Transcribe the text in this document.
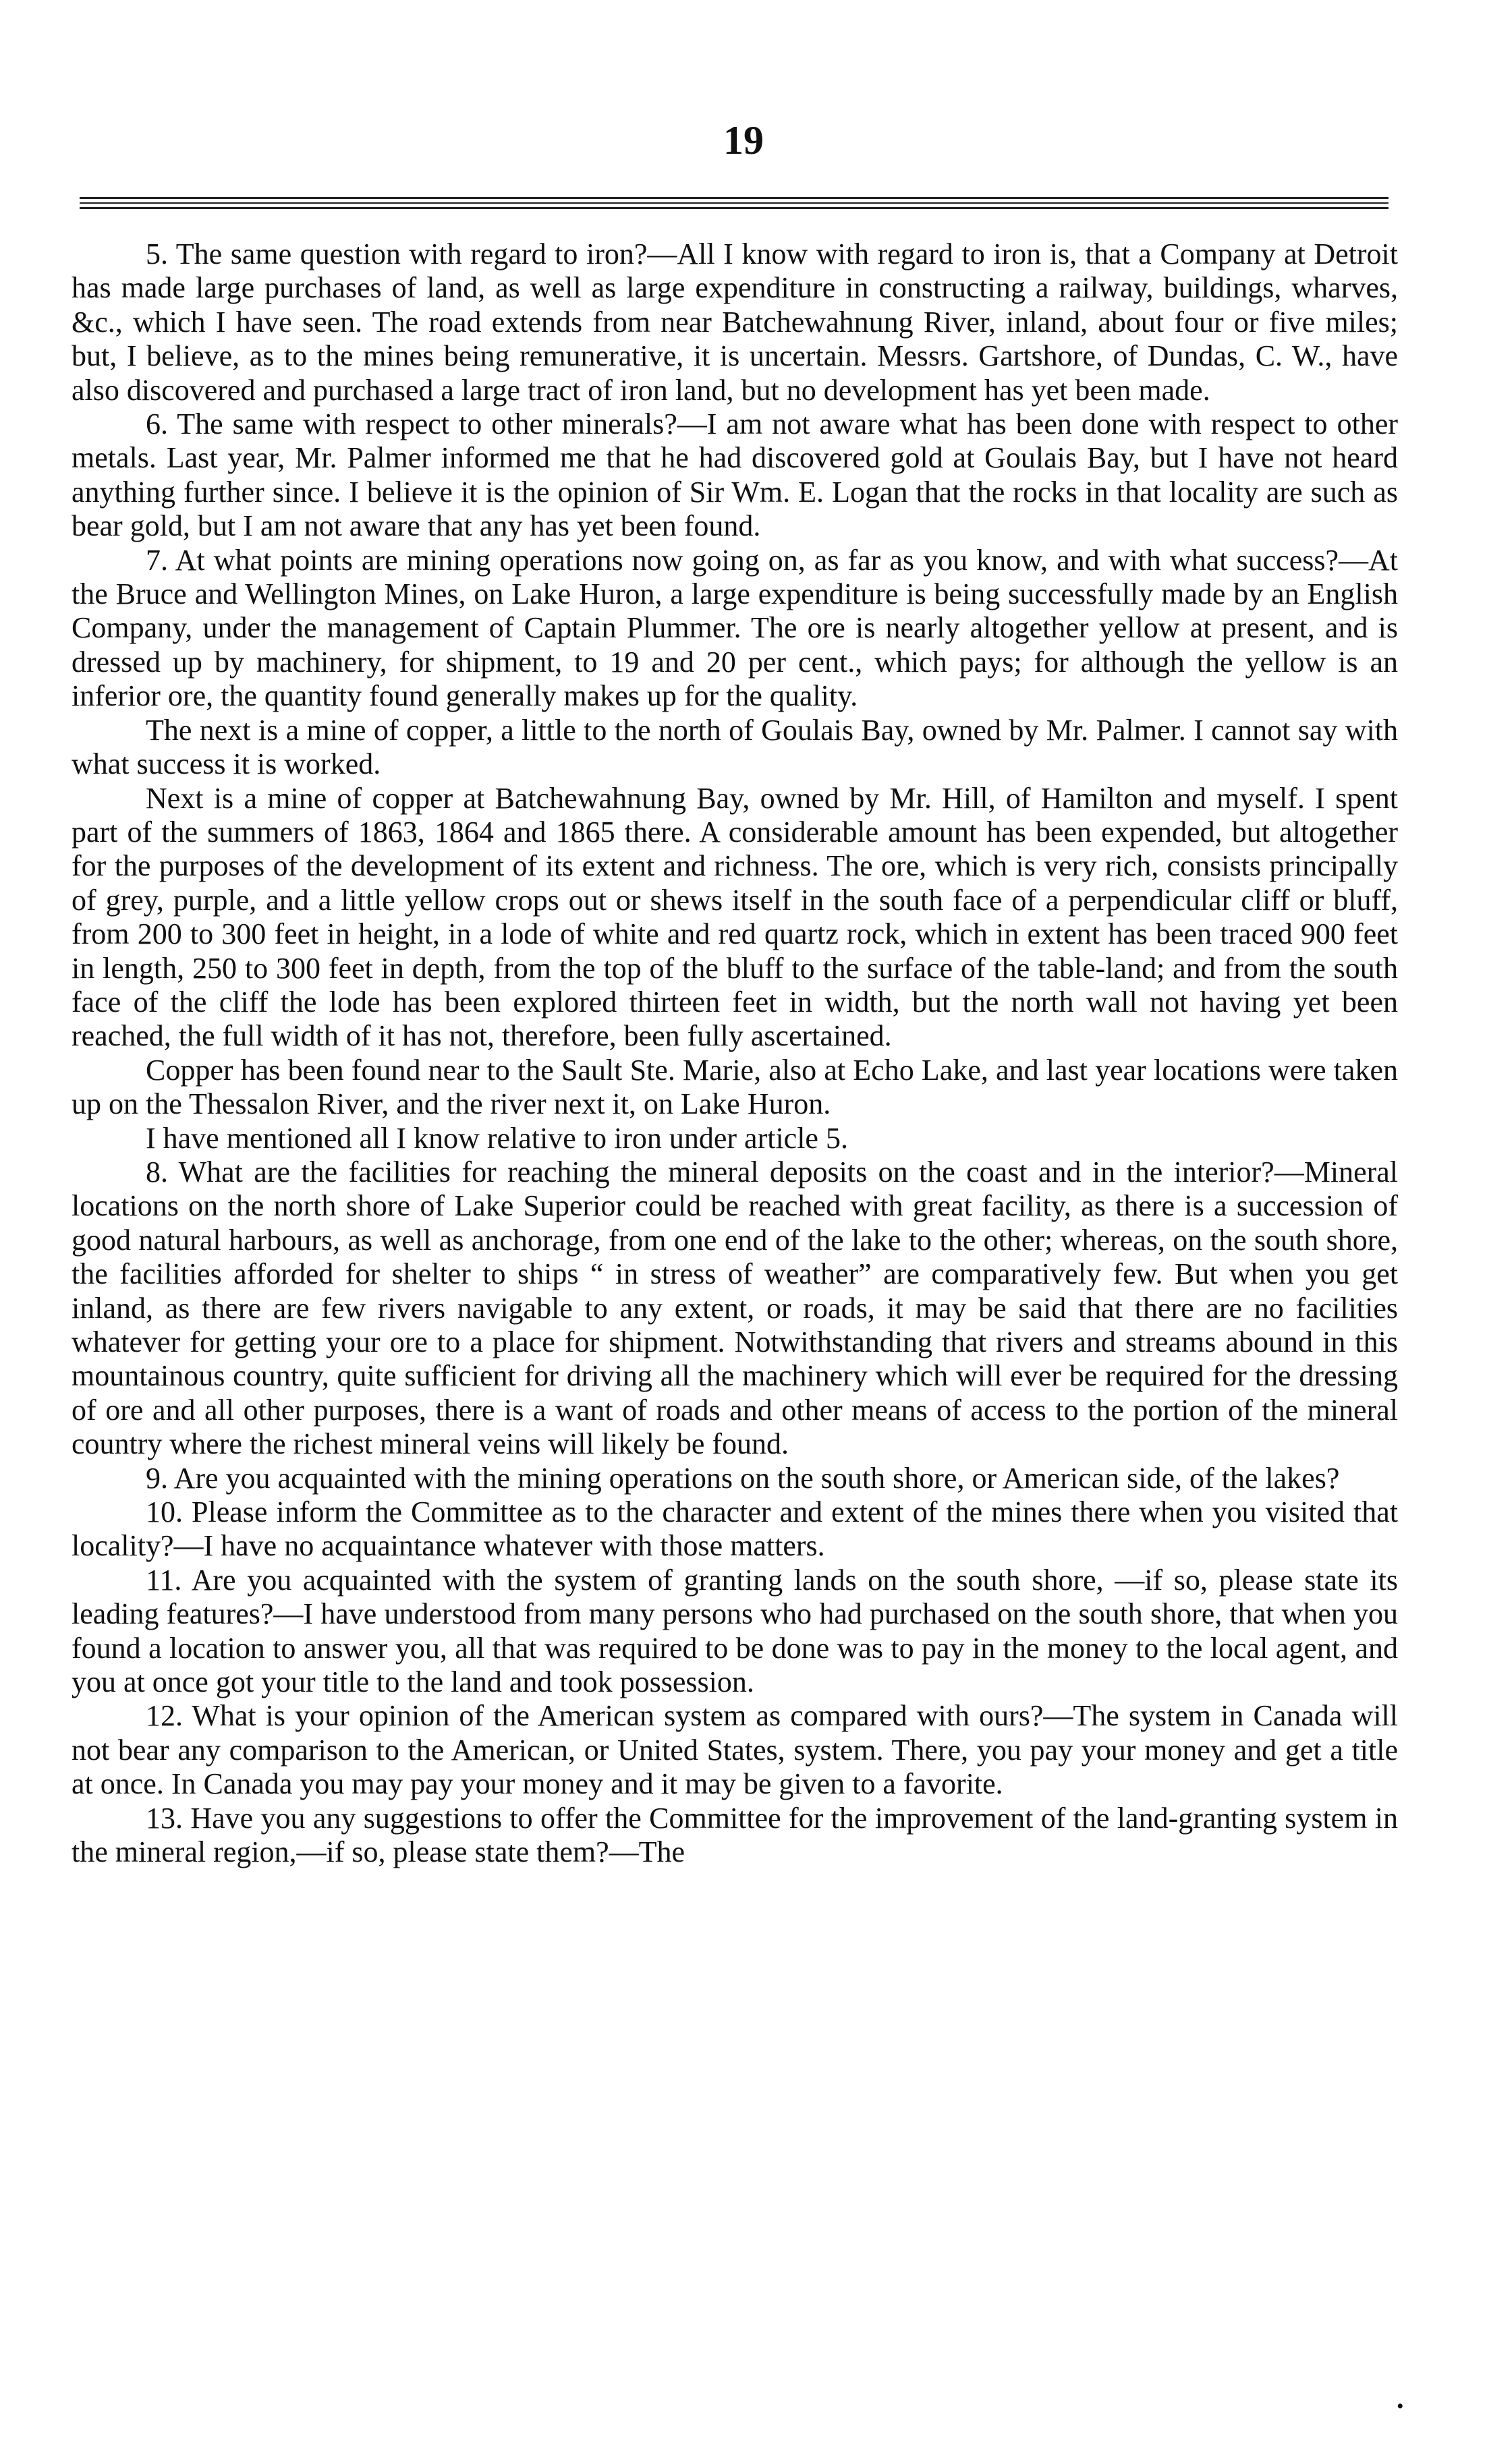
19

5. The same question with regard to iron?—All I know with regard to iron is, that a Company at Detroit has made large purchases of land, as well as large expenditure in constructing a railway, buildings, wharves, &c., which I have seen. The road extends from near Batchewahnung River, inland, about four or five miles; but, I believe, as to the mines being remunerative, it is uncertain. Messrs. Gartshore, of Dundas, C. W., have also discovered and purchased a large tract of iron land, but no development has yet been made.

6. The same with respect to other minerals?—I am not aware what has been done with respect to other metals. Last year, Mr. Palmer informed me that he had discovered gold at Goulais Bay, but I have not heard anything further since. I believe it is the opinion of Sir Wm. E. Logan that the rocks in that locality are such as bear gold, but I am not aware that any has yet been found.

7. At what points are mining operations now going on, as far as you know, and with what success?—At the Bruce and Wellington Mines, on Lake Huron, a large expenditure is being successfully made by an English Company, under the management of Captain Plummer. The ore is nearly altogether yellow at present, and is dressed up by machinery, for shipment, to 19 and 20 per cent., which pays; for although the yellow is an inferior ore, the quantity found generally makes up for the quality.

The next is a mine of copper, a little to the north of Goulais Bay, owned by Mr. Palmer. I cannot say with what success it is worked.

Next is a mine of copper at Batchewahnung Bay, owned by Mr. Hill, of Hamilton and myself. I spent part of the summers of 1863, 1864 and 1865 there. A considerable amount has been expended, but altogether for the purposes of the development of its extent and richness. The ore, which is very rich, consists principally of grey, purple, and a little yellow crops out or shews itself in the south face of a perpendicular cliff or bluff, from 200 to 300 feet in height, in a lode of white and red quartz rock, which in extent has been traced 900 feet in length, 250 to 300 feet in depth, from the top of the bluff to the surface of the table-land; and from the south face of the cliff the lode has been explored thirteen feet in width, but the north wall not having yet been reached, the full width of it has not, therefore, been fully ascertained.

Copper has been found near to the Sault Ste. Marie, also at Echo Lake, and last year locations were taken up on the Thessalon River, and the river next it, on Lake Huron.

I have mentioned all I know relative to iron under article 5.

8. What are the facilities for reaching the mineral deposits on the coast and in the interior?—Mineral locations on the north shore of Lake Superior could be reached with great facility, as there is a succession of good natural harbours, as well as anchorage, from one end of the lake to the other; whereas, on the south shore, the facilities afforded for shelter to ships “ in stress of weather” are comparatively few. But when you get inland, as there are few rivers navigable to any extent, or roads, it may be said that there are no facilities whatever for getting your ore to a place for shipment. Notwithstanding that rivers and streams abound in this mountainous country, quite sufficient for driving all the machinery which will ever be required for the dressing of ore and all other purposes, there is a want of roads and other means of access to the portion of the mineral country where the richest mineral veins will likely be found.

9. Are you acquainted with the mining operations on the south shore, or American side, of the lakes?

10. Please inform the Committee as to the character and extent of the mines there when you visited that locality?—I have no acquaintance whatever with those matters.

11. Are you acquainted with the system of granting lands on the south shore, —if so, please state its leading features?—I have understood from many persons who had purchased on the south shore, that when you found a location to answer you, all that was required to be done was to pay in the money to the local agent, and you at once got your title to the land and took possession.

12. What is your opinion of the American system as compared with ours?—The system in Canada will not bear any comparison to the American, or United States, system. There, you pay your money and get a title at once. In Canada you may pay your money and it may be given to a favorite.

13. Have you any suggestions to offer the Committee for the improvement of the land-granting system in the mineral region,—if so, please state them?—The

•
